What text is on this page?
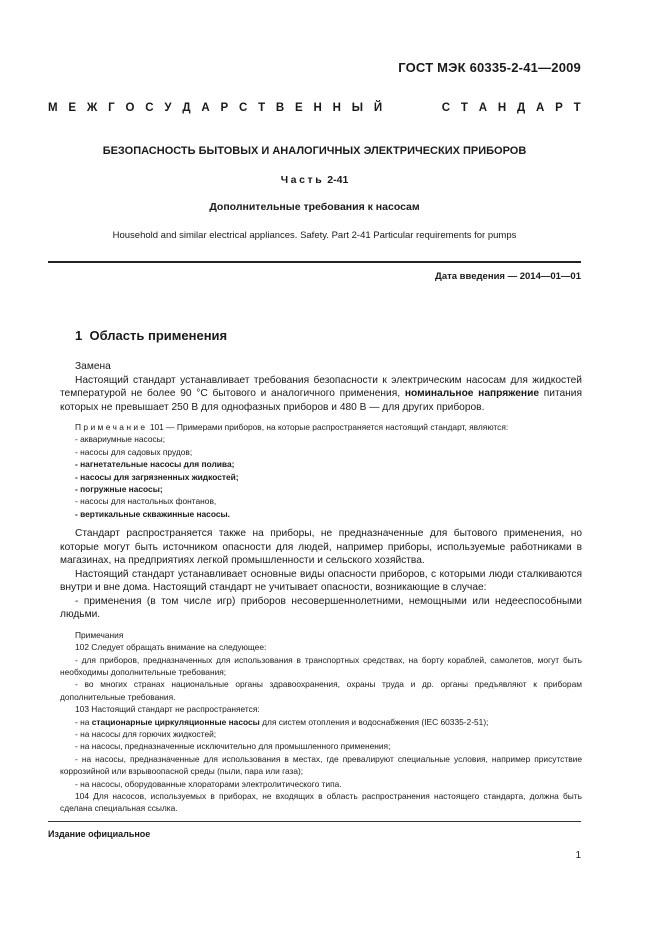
ГОСТ МЭК 60335-2-41—2009
М Е Ж Г О С У Д А Р С Т В Е Н Н Ы Й	С Т А Н Д А Р Т
БЕЗОПАСНОСТЬ БЫТОВЫХ И АНАЛОГИЧНЫХ ЭЛЕКТРИЧЕСКИХ ПРИБОРОВ
Часть 2-41
Дополнительные требования к насосам
Household and similar electrical appliances. Safety. Part 2-41 Particular requirements for pumps
Дата введения — 2014—01—01
1 Область применения

Замена

Настоящий стандарт устанавливает требования безопасности к электрическим насосам для жидкостей температурой не более 90 °С бытового и аналогичного применения, номинальное напряжение питания которых не превышает 250 В для однофазных приборов и 480 В — для других приборов.

Примечание 101 — Примерами приборов, на которые распространяется настоящий стандарт, являются:

- аквариумные насосы;

- насосы для садовых прудов;

- нагнетательные насосы для полива;

- насосы для загрязненных жидкостей;

- погружные насосы;

- насосы для настольных фонтанов,

- вертикальные скважинные насосы.

Стандарт распространяется также на приборы, не предназначенные для бытового применения, но которые могут быть источником опасности для людей, например приборы, используемые работниками в магазинах, на предприятиях легкой промышленности и сельского хозяйства.

Настоящий стандарт устанавливает основные виды опасности приборов, с которыми люди сталкиваются внутри и вне дома. Настоящий стандарт не учитывает опасности, возникающие в случае:

- применения (в том числе игр) приборов несовершеннолетними, немощными или недееспособными людьми.

Примечания

102 Следует обращать внимание на следующее:

- для приборов, предназначенных для использования в транспортных средствах, на борту кораблей, самолетов, могут быть необходимы дополнительные требования;

- во многих странах национальные органы здравоохранения, охраны труда и др. органы предъявляют к приборам дополнительные требования.

103 Настоящий стандарт не распространяется:

- на стационарные циркуляционные насосы для систем отопления и водоснабжения (IEC 60335-2-51);

- на насосы для горючих жидкостей;

- на насосы, предназначенные исключительно для промышленного применения;

- на насосы, предназначенные для использования в местах, где превалируют специальные условия, например присутствие коррозийной или взрывоопасной среды (пыли, пара или газа);

- на насосы, оборудованные хлораторами электролитического типа.

104 Для насосов, используемых в приборах, не входящих в область распространения настоящего стандарта, должна быть сделана специальная ссылка.

Издание официальное
1
